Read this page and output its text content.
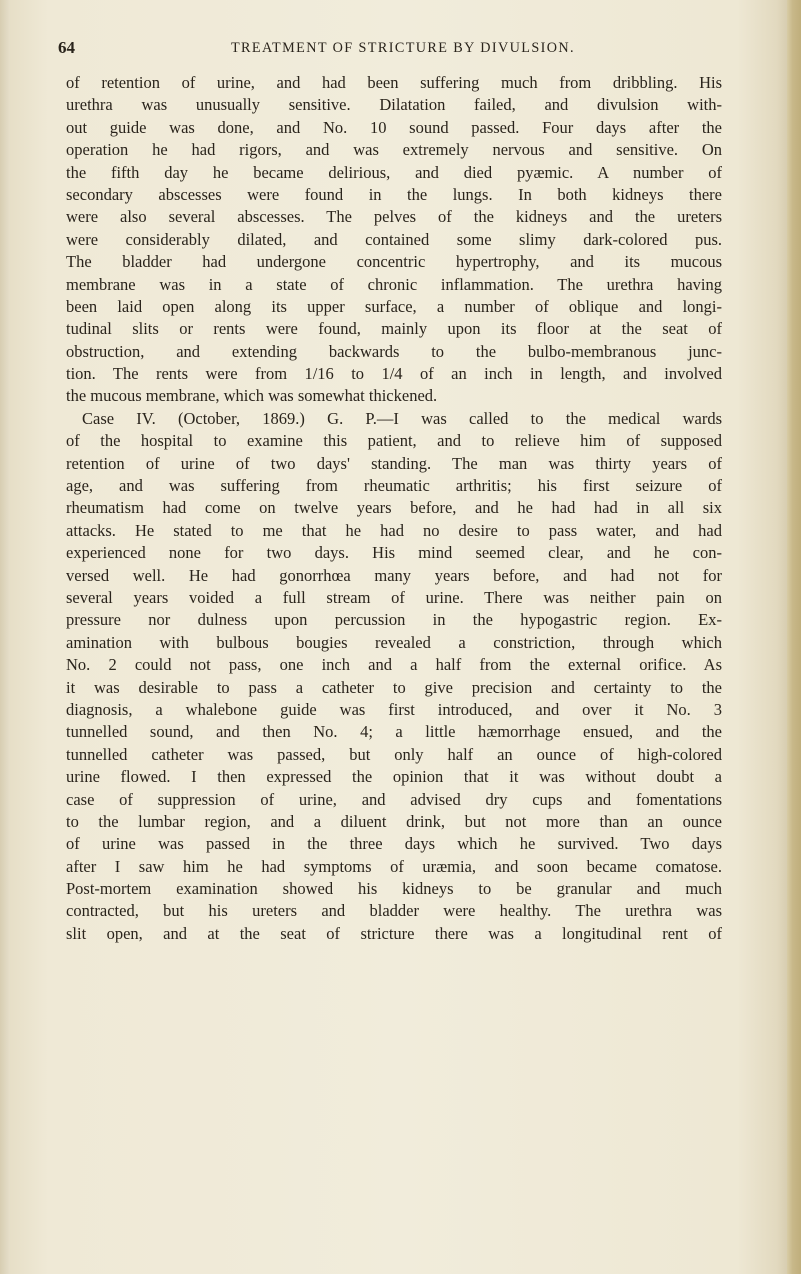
64	TREATMENT OF STRICTURE BY DIVULSION.
of retention of urine, and had been suffering much from dribbling. His
urethra was unusually sensitive. Dilatation failed, and divulsion with-
out guide was done, and No. 10 sound passed. Four days after the
operation he had rigors, and was extremely nervous and sensitive. On
the fifth day he became delirious, and died pyæmic. A number of
secondary abscesses were found in the lungs. In both kidneys there
were also several abscesses. The pelves of the kidneys and the ureters
were considerably dilated, and contained some slimy dark-colored pus.
The bladder had undergone concentric hypertrophy, and its mucous
membrane was in a state of chronic inflammation. The urethra having
been laid open along its upper surface, a number of oblique and longi-
tudinal slits or rents were found, mainly upon its floor at the seat of
obstruction, and extending backwards to the bulbo-membranous junc-
tion. The rents were from 1/16 to 1/4 of an inch in length, and involved
the mucous membrane, which was somewhat thickened.
Case IV. (October, 1869.) G. P.—I was called to the medical wards
of the hospital to examine this patient, and to relieve him of supposed
retention of urine of two days' standing. The man was thirty years of
age, and was suffering from rheumatic arthritis; his first seizure of
rheumatism had come on twelve years before, and he had had in all six
attacks. He stated to me that he had no desire to pass water, and had
experienced none for two days. His mind seemed clear, and he con-
versed well. He had gonorrhœa many years before, and had not for
several years voided a full stream of urine. There was neither pain on
pressure nor dulness upon percussion in the hypogastric region. Ex-
amination with bulbous bougies revealed a constriction, through which
No. 2 could not pass, one inch and a half from the external orifice. As
it was desirable to pass a catheter to give precision and certainty to the
diagnosis, a whalebone guide was first introduced, and over it No. 3
tunnelled sound, and then No. 4; a little hæmorrhage ensued, and the
tunnelled catheter was passed, but only half an ounce of high-colored
urine flowed. I then expressed the opinion that it was without doubt a
case of suppression of urine, and advised dry cups and fomentations
to the lumbar region, and a diluent drink, but not more than an ounce
of urine was passed in the three days which he survived. Two days
after I saw him he had symptoms of uræmia, and soon became comatose.
Post-mortem examination showed his kidneys to be granular and much
contracted, but his ureters and bladder were healthy. The urethra was
slit open, and at the seat of stricture there was a longitudinal rent of
